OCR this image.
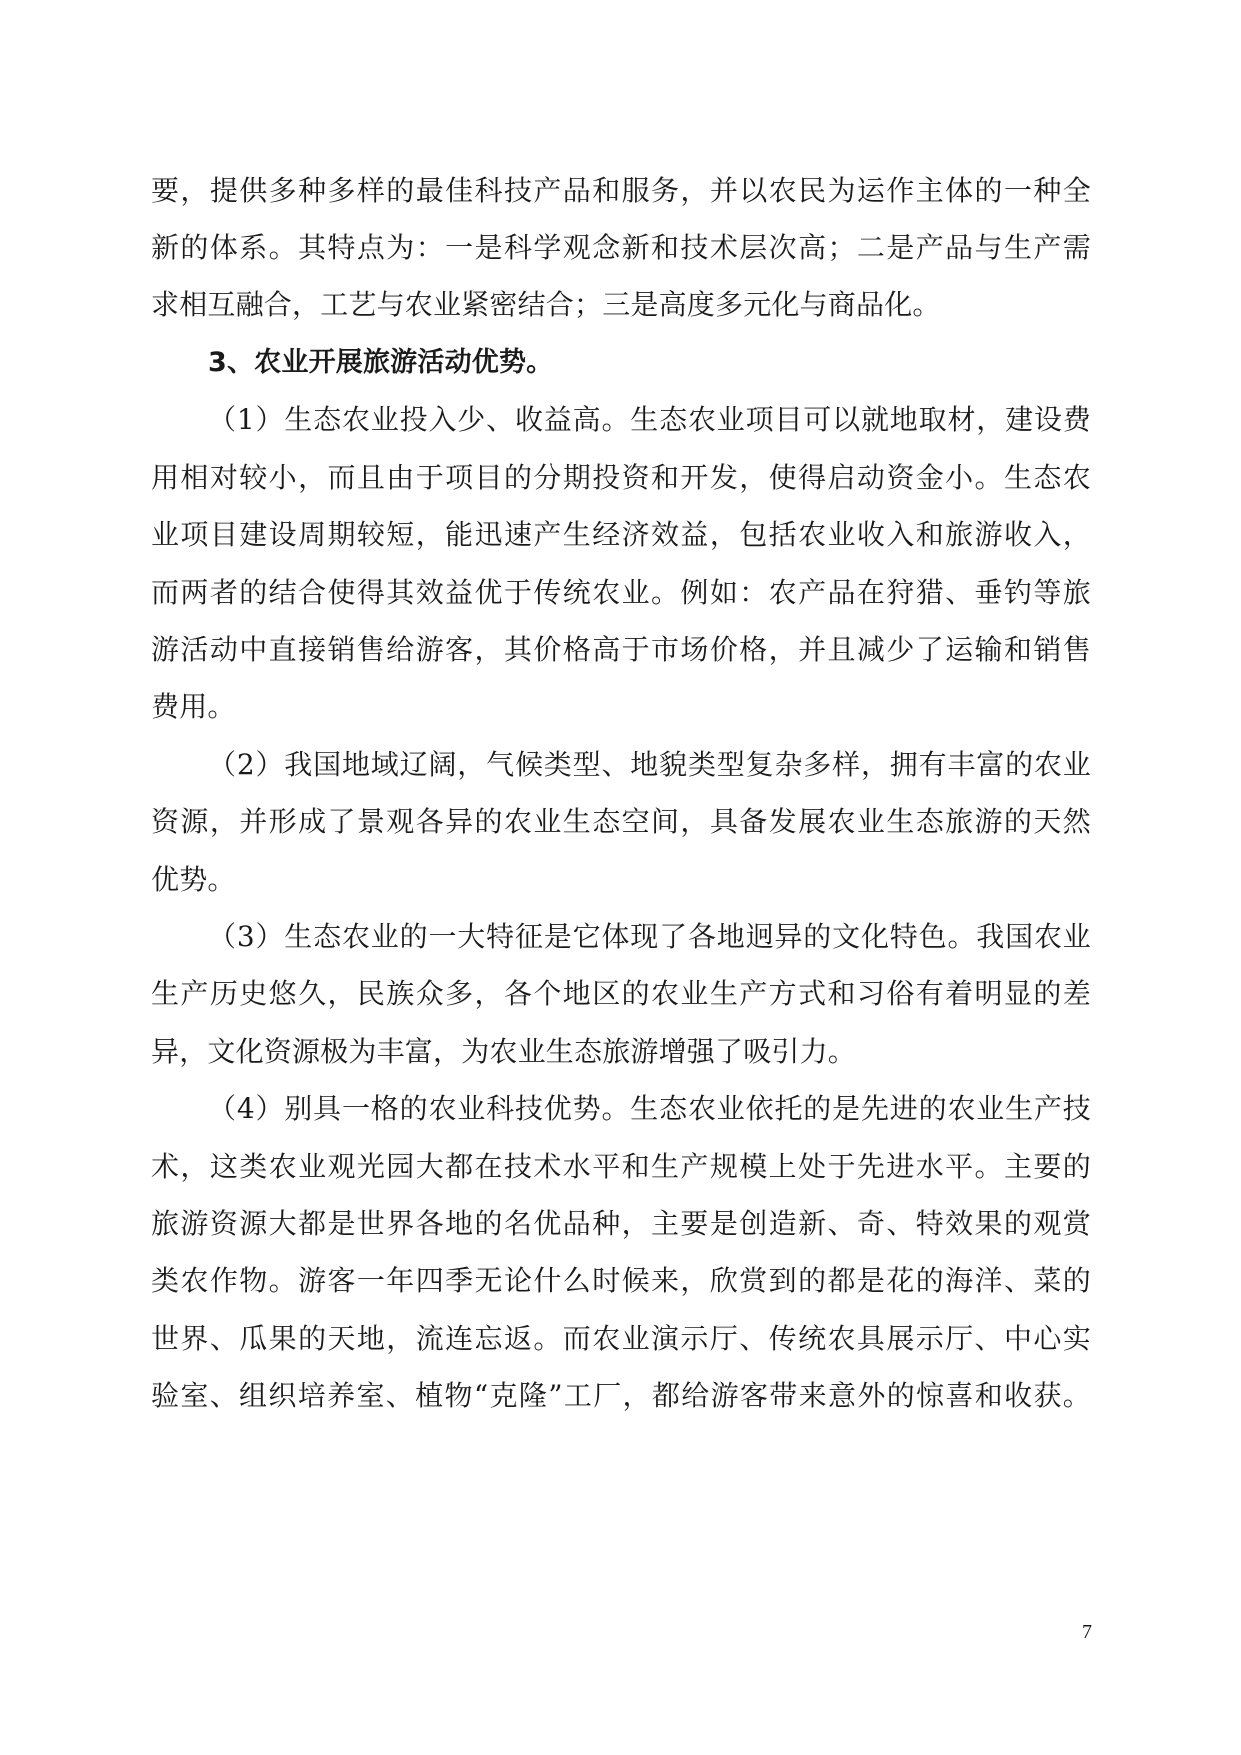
要，提供多种多样的最佳科技产品和服务，并以农民为运作主体的一种全
新的体系。其特点为：一是科学观念新和技术层次高；二是产品与生产需
求相互融合，工艺与农业紧密结合；三是高度多元化与商品化。
3、农业开展旅游活动优势。
（1）生态农业投入少、收益高。生态农业项目可以就地取材，建设费
用相对较小，而且由于项目的分期投资和开发，使得启动资金小。生态农
业项目建设周期较短，能迅速产生经济效益，包括农业收入和旅游收入，
而两者的结合使得其效益优于传统农业。例如：农产品在狩猎、垂钓等旅
游活动中直接销售给游客，其价格高于市场价格，并且减少了运输和销售
费用。
（2）我国地域辽阔，气候类型、地貌类型复杂多样，拥有丰富的农业
资源，并形成了景观各异的农业生态空间，具备发展农业生态旅游的天然
优势。
（3）生态农业的一大特征是它体现了各地迥异的文化特色。我国农业
生产历史悠久，民族众多，各个地区的农业生产方式和习俗有着明显的差
异，文化资源极为丰富，为农业生态旅游增强了吸引力。
（4）别具一格的农业科技优势。生态农业依托的是先进的农业生产技
术，这类农业观光园大都在技术水平和生产规模上处于先进水平。主要的
旅游资源大都是世界各地的名优品种，主要是创造新、奇、特效果的观赏
类农作物。游客一年四季无论什么时候来，欣赏到的都是花的海洋、菜的
世界、瓜果的天地，流连忘返。而农业演示厅、传统农具展示厅、中心实
验室、组织培养室、植物“克隆”工厂，都给游客带来意外的惊喜和收获。
7
